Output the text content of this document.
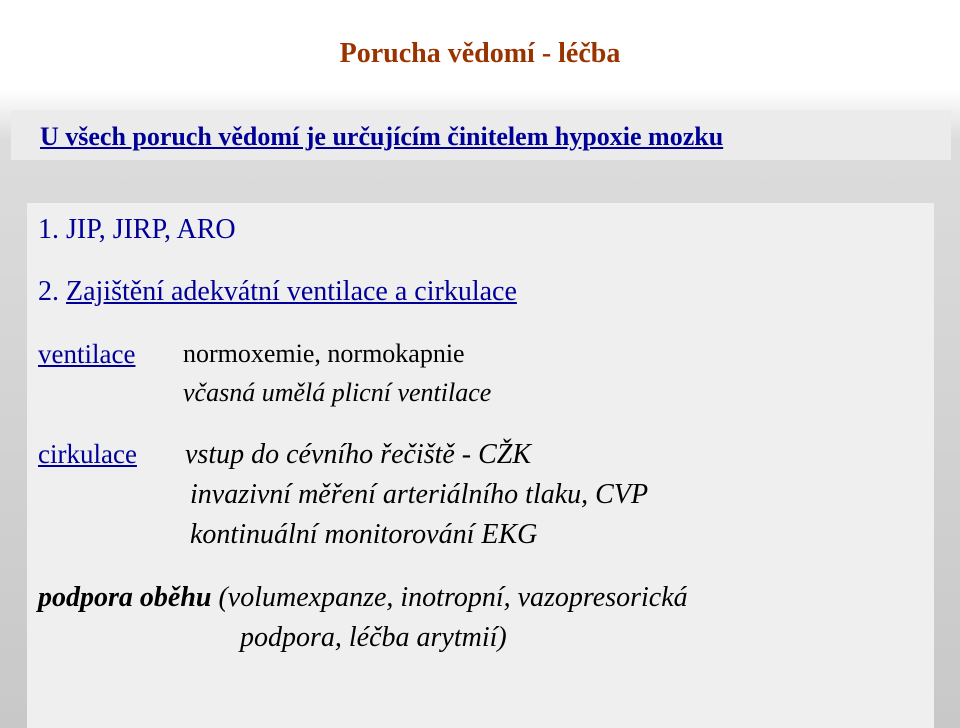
Porucha vědomí - léčba
U všech poruch vědomí je určujícím činitelem hypoxie mozku
1. JIP, JIRP, ARO
2. Zajištění adekvátní ventilace a cirkulace
ventilace normoxemie, normokapnie
včasná umělá plicní ventilace
cirkulace vstup do cévního řečiště - CŽK
invazivní měření arteriálního tlaku, CVP
kontinuální monitorování EKG
podpora oběhu (volumexpanze, inotropní, vazopresorická
podpora, léčba arytmií)
